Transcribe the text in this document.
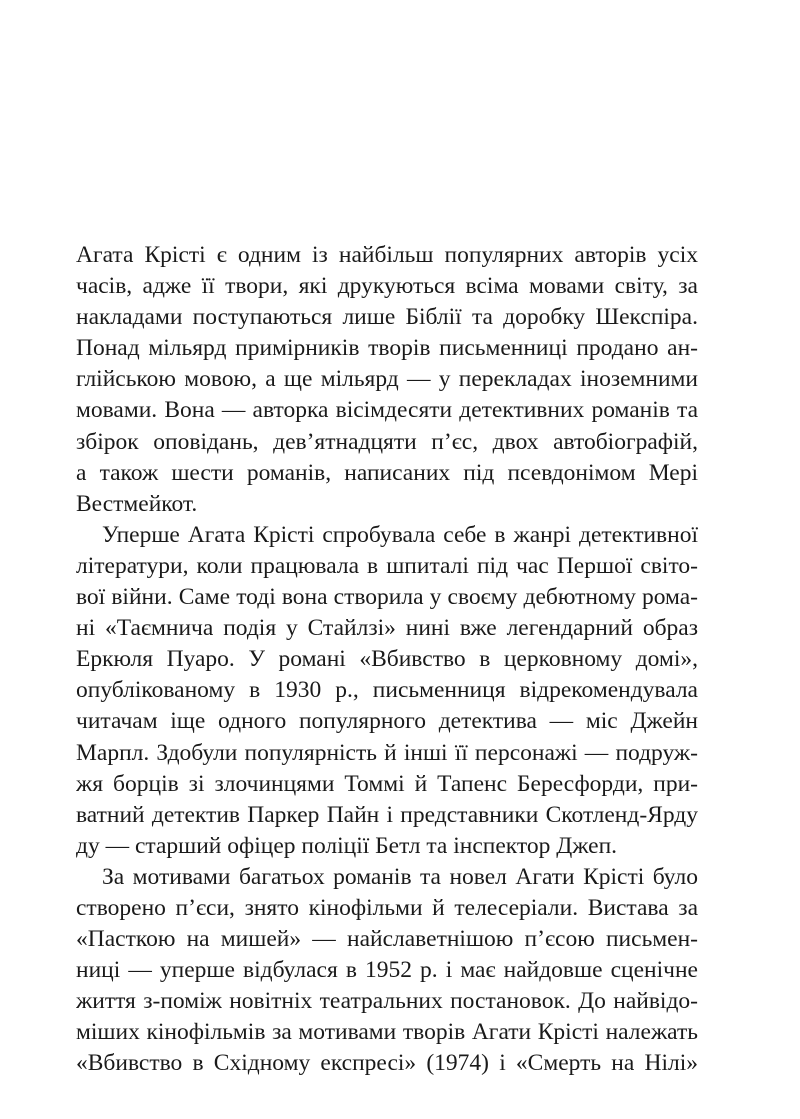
Агата Крісті є одним із найбільш популярних авторів усіх
часів, адже її твори, які друкуються всіма мовами світу, за
накладами поступаються лише Біблії та доробку Шекспіра.
Понад мільярд примірників творів письменниці продано ан-
глійською мовою, а ще мільярд — у перекладах іноземними
мовами. Вона — авторка вісімдесяти детективних романів та
збірок оповідань, дев’ятнадцяти п’єс, двох автобіографій,
а також шести романів, написаних під псевдонімом Мері
Вестмейкот.
Уперше Агата Крісті спробувала себе в жанрі детективної
літератури, коли працювала в шпиталі під час Першої світо-
вої війни. Саме тоді вона створила у своєму дебютному рома-
ні «Таємнича подія у Стайлзі» нині вже легендарний образ
Еркюля Пуаро. У романі «Вбивство в церковному домі»,
опублікованому в 1930 р., письменниця відрекомендувала
читачам іще одного популярного детектива — міс Джейн
Марпл. Здобули популярність й інші її персонажі — подруж-
жя борців зі злочинцями Томмі й Тапенс Бересфорди, при-
ватний детектив Паркер Пайн і представники Скотленд-Ярду
ду — старший офіцер поліції Бетл та інспектор Джеп.
За мотивами багатьох романів та новел Агати Крісті було
створено п’єси, знято кінофільми й телесеріали. Вистава за
«Пасткою на мишей» — найславетнішою п’єсою письмен-
ниці — уперше відбулася в 1952 р. і має найдовше сценічне
життя з-поміж новітніх театральних постановок. До найвідо-
міших кінофільмів за мотивами творів Агати Крісті належать
«Вбивство в Східному експресі» (1974) і «Смерть на Нілі»
